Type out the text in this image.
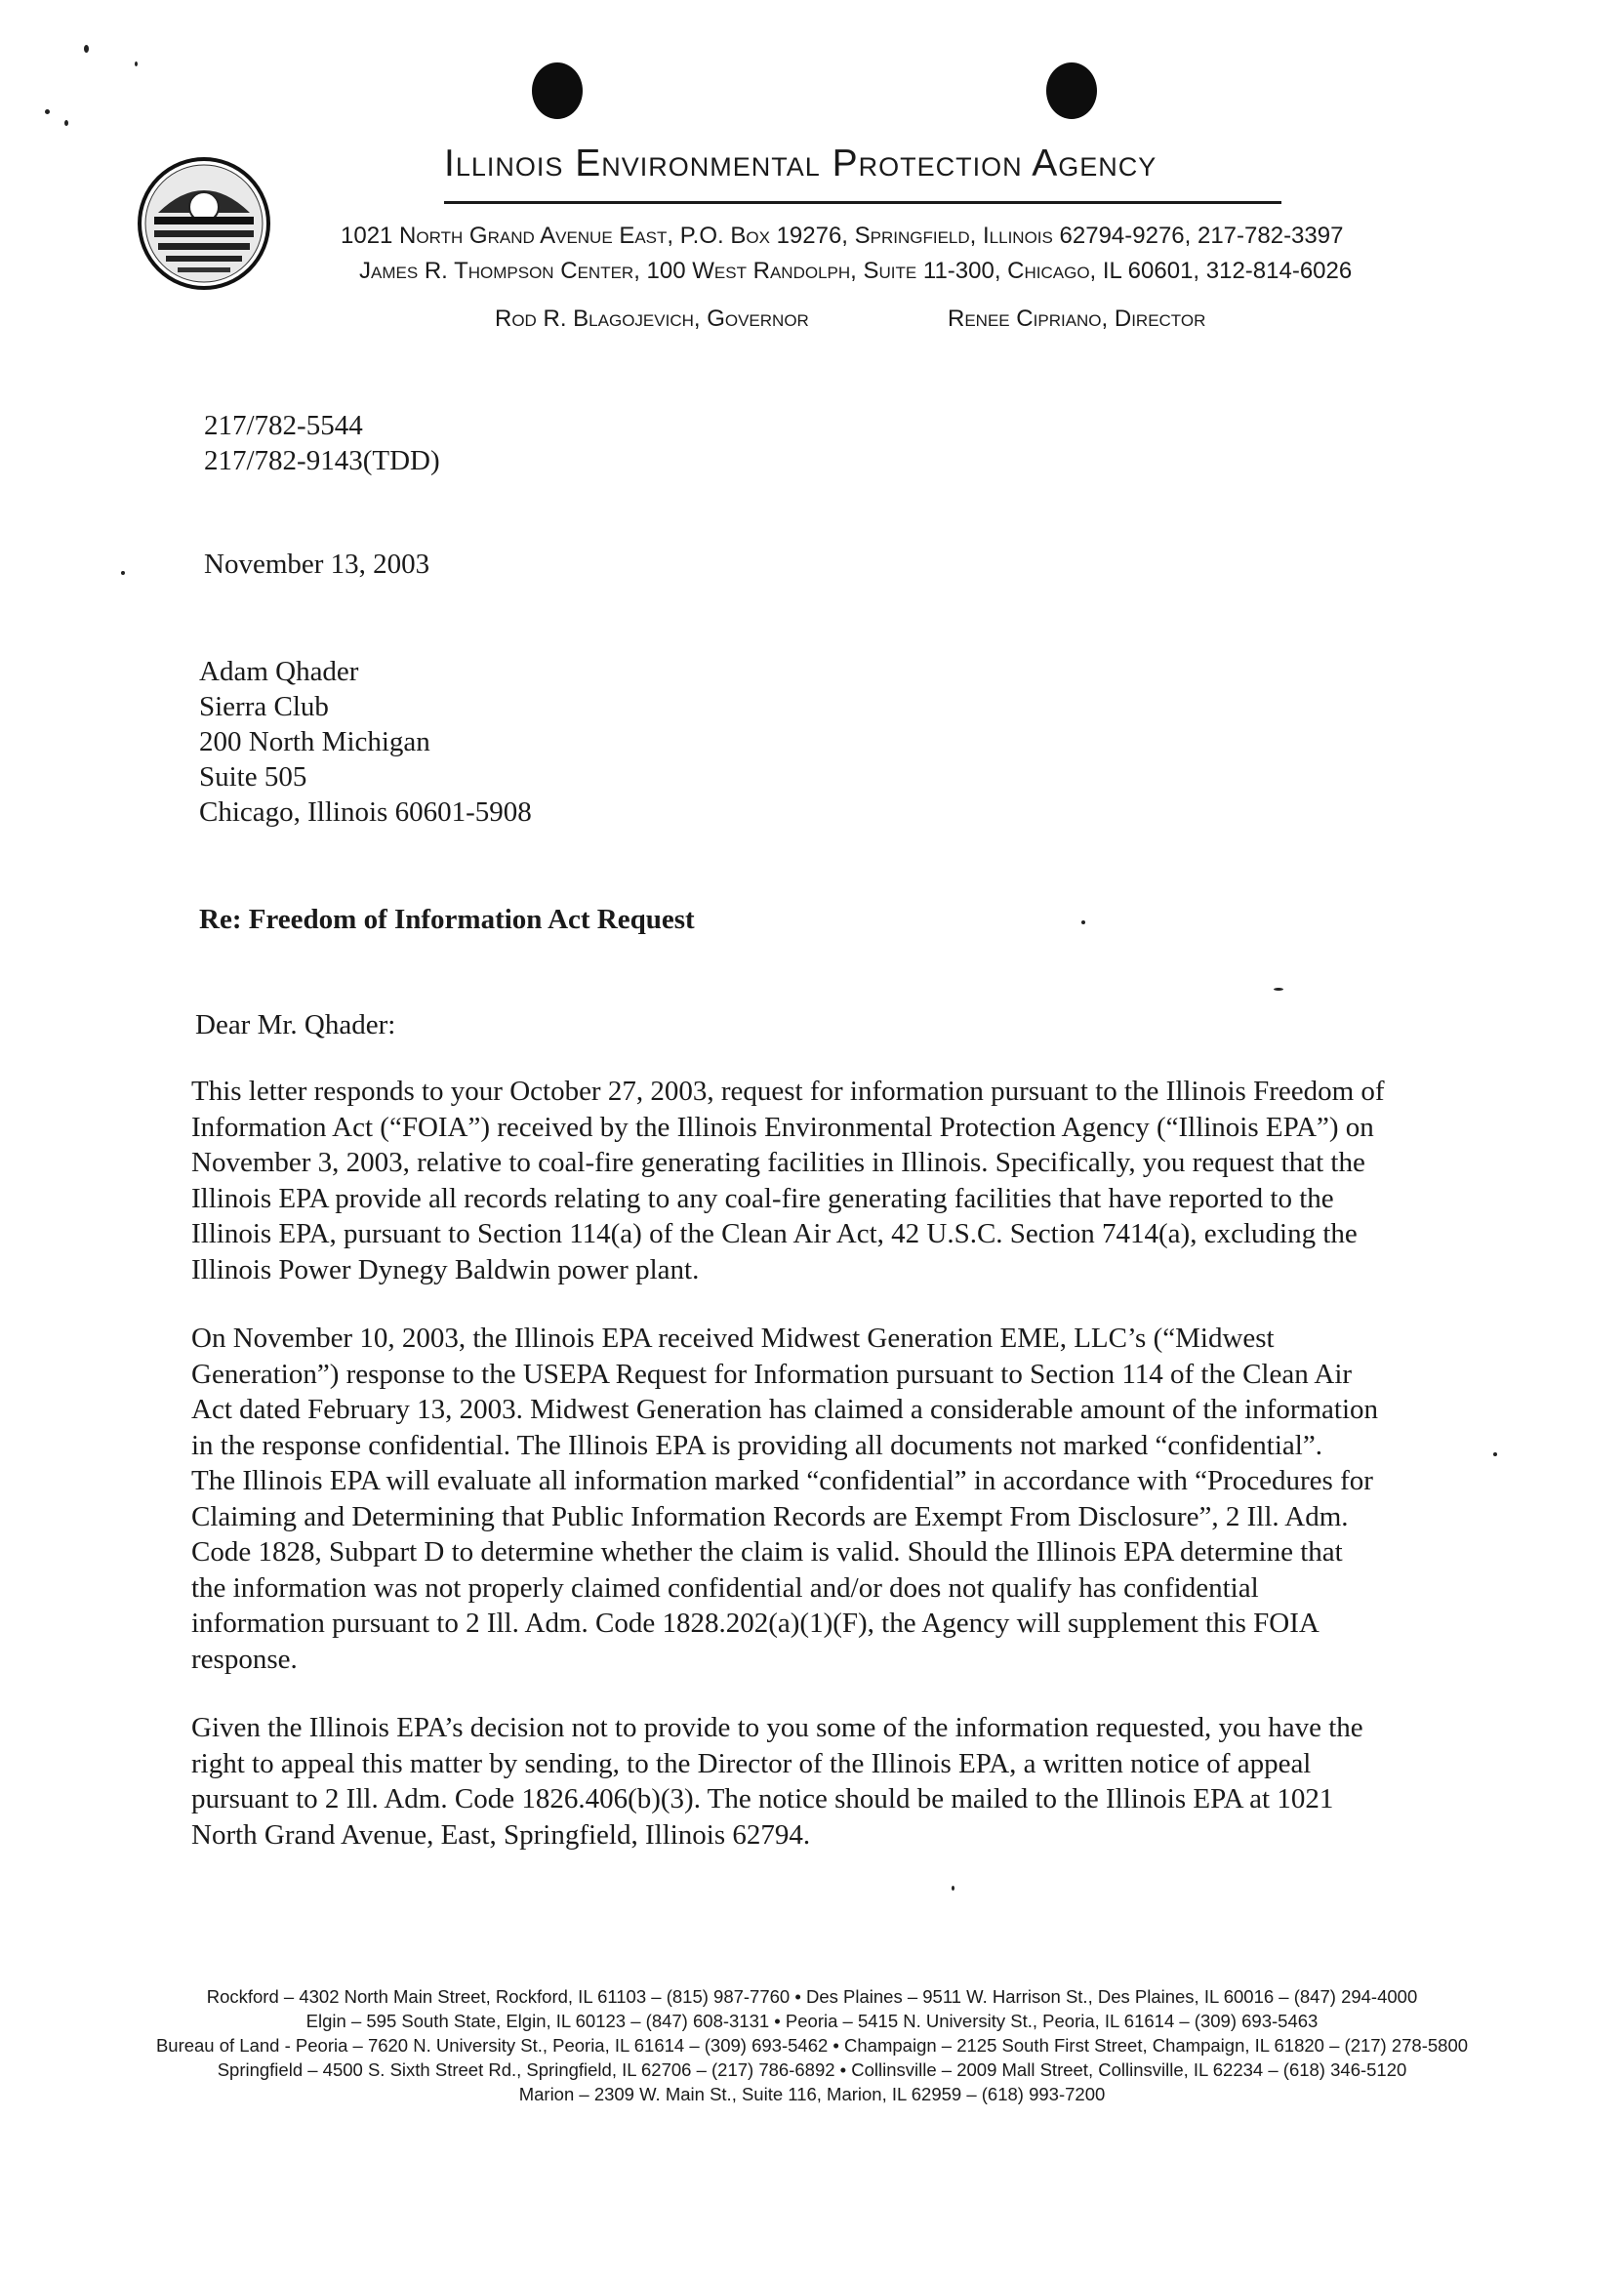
Illinois Environmental Protection Agency
1021 North Grand Avenue East, P.O. Box 19276, Springfield, Illinois 62794-9276, 217-782-3397
James R. Thompson Center, 100 West Randolph, Suite 11-300, Chicago, IL 60601, 312-814-6026
Rod R. Blagojevich, Governor	Renee Cipriano, Director
217/782-5544
217/782-9143(TDD)
November 13, 2003
Adam Qhader
Sierra Club
200 North Michigan
Suite 505
Chicago, Illinois 60601-5908
Re: Freedom of Information Act Request
Dear Mr. Qhader:
This letter responds to your October 27, 2003, request for information pursuant to the Illinois Freedom of
Information Act (“FOIA”) received by the Illinois Environmental Protection Agency (“Illinois EPA”) on
November 3, 2003, relative to coal-fire generating facilities in Illinois. Specifically, you request that the
Illinois EPA provide all records relating to any coal-fire generating facilities that have reported to the
Illinois EPA, pursuant to Section 114(a) of the Clean Air Act, 42 U.S.C. Section 7414(a), excluding the
Illinois Power Dynegy Baldwin power plant.
On November 10, 2003, the Illinois EPA received Midwest Generation EME, LLC’s (“Midwest
Generation”) response to the USEPA Request for Information pursuant to Section 114 of the Clean Air
Act dated February 13, 2003. Midwest Generation has claimed a considerable amount of the information
in the response confidential. The Illinois EPA is providing all documents not marked “confidential”.
The Illinois EPA will evaluate all information marked “confidential” in accordance with “Procedures for
Claiming and Determining that Public Information Records are Exempt From Disclosure”, 2 Ill. Adm.
Code 1828, Subpart D to determine whether the claim is valid. Should the Illinois EPA determine that
the information was not properly claimed confidential and/or does not qualify has confidential
information pursuant to 2 Ill. Adm. Code 1828.202(a)(1)(F), the Agency will supplement this FOIA
response.
Given the Illinois EPA’s decision not to provide to you some of the information requested, you have the
right to appeal this matter by sending, to the Director of the Illinois EPA, a written notice of appeal
pursuant to 2 Ill. Adm. Code 1826.406(b)(3). The notice should be mailed to the Illinois EPA at 1021
North Grand Avenue, East, Springfield, Illinois 62794.
Rockford – 4302 North Main Street, Rockford, IL 61103 – (815) 987-7760 • Des Plaines – 9511 W. Harrison St., Des Plaines, IL 60016 – (847) 294-4000
Elgin – 595 South State, Elgin, IL 60123 – (847) 608-3131 • Peoria – 5415 N. University St., Peoria, IL 61614 – (309) 693-5463
Bureau of Land - Peoria – 7620 N. University St., Peoria, IL 61614 – (309) 693-5462 • Champaign – 2125 South First Street, Champaign, IL 61820 – (217) 278-5800
Springfield – 4500 S. Sixth Street Rd., Springfield, IL 62706 – (217) 786-6892 • Collinsville – 2009 Mall Street, Collinsville, IL 62234 – (618) 346-5120
Marion – 2309 W. Main St., Suite 116, Marion, IL 62959 – (618) 993-7200
